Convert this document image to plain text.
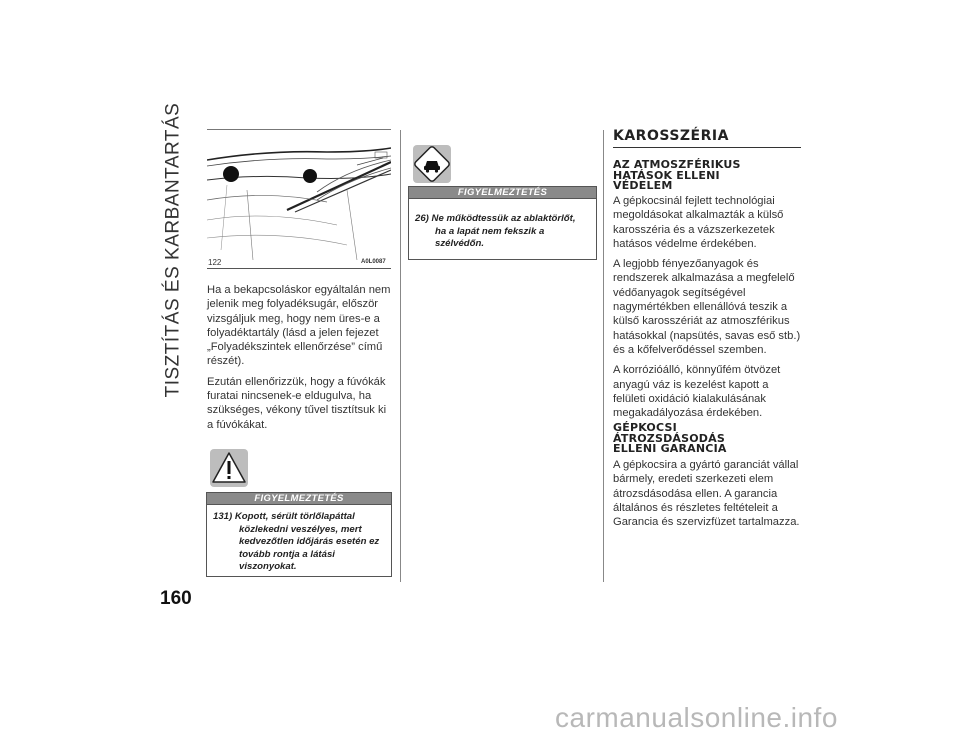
TISZTÍTÁS ÉS KARBANTARTÁS
160
122	A0L0087

Ha a bekapcsoláskor egyáltalán nem jelenik meg folyadéksugár, először vizsgáljuk meg, hogy nem üres-e a folyadéktartály (lásd a jelen fejezet „Folyadékszintek ellenőrzése” című részét).

Ezután ellenőrizzük, hogy a fúvókák furatai nincsenek-e eldugulva, ha szükséges, vékony tűvel tisztítsuk ki a fúvókákat.

FIGYELMEZTETÉS
131) Kopott, sérült törlőlapáttal
közlekedni veszélyes, mert kedvezőtlen időjárás esetén ez tovább rontja a látási viszonyokat.
FIGYELMEZTETÉS
26) Ne működtessük az ablaktörlőt,
ha a lapát nem fekszik a szélvédőn.
KAROSSZÉRIA
AZ ATMOSZFÉRIKUS
HATÁSOK ELLENI
VÉDELEM

A gépkocsinál fejlett technológiai megoldásokat alkalmazták a külső karosszéria és a vázszerkezetek hatásos védelme érdekében.

A legjobb fényezőanyagok és rendszerek alkalmazása a megfelelő védőanyagok segítségével nagymértékben ellenállóvá teszik a külső karosszériát az atmoszférikus hatásokkal (napsütés, savas eső stb.) és a kőfelverődéssel szemben.

A korrózióálló, könnyűfém ötvözet anyagú váz is kezelést kapott a felületi oxidáció kialakulásának megakadályozása érdekében.

GÉPKOCSI
ÁTROZSDÁSODÁS
ELLENI GARANCIA

A gépkocsira a gyártó garanciát vállal bármely, eredeti szerkezeti elem átrozsdásodása ellen. A garancia általános és részletes feltételeit a Garancia és szervizfüzet tartalmazza.

carmanualsonline.info
